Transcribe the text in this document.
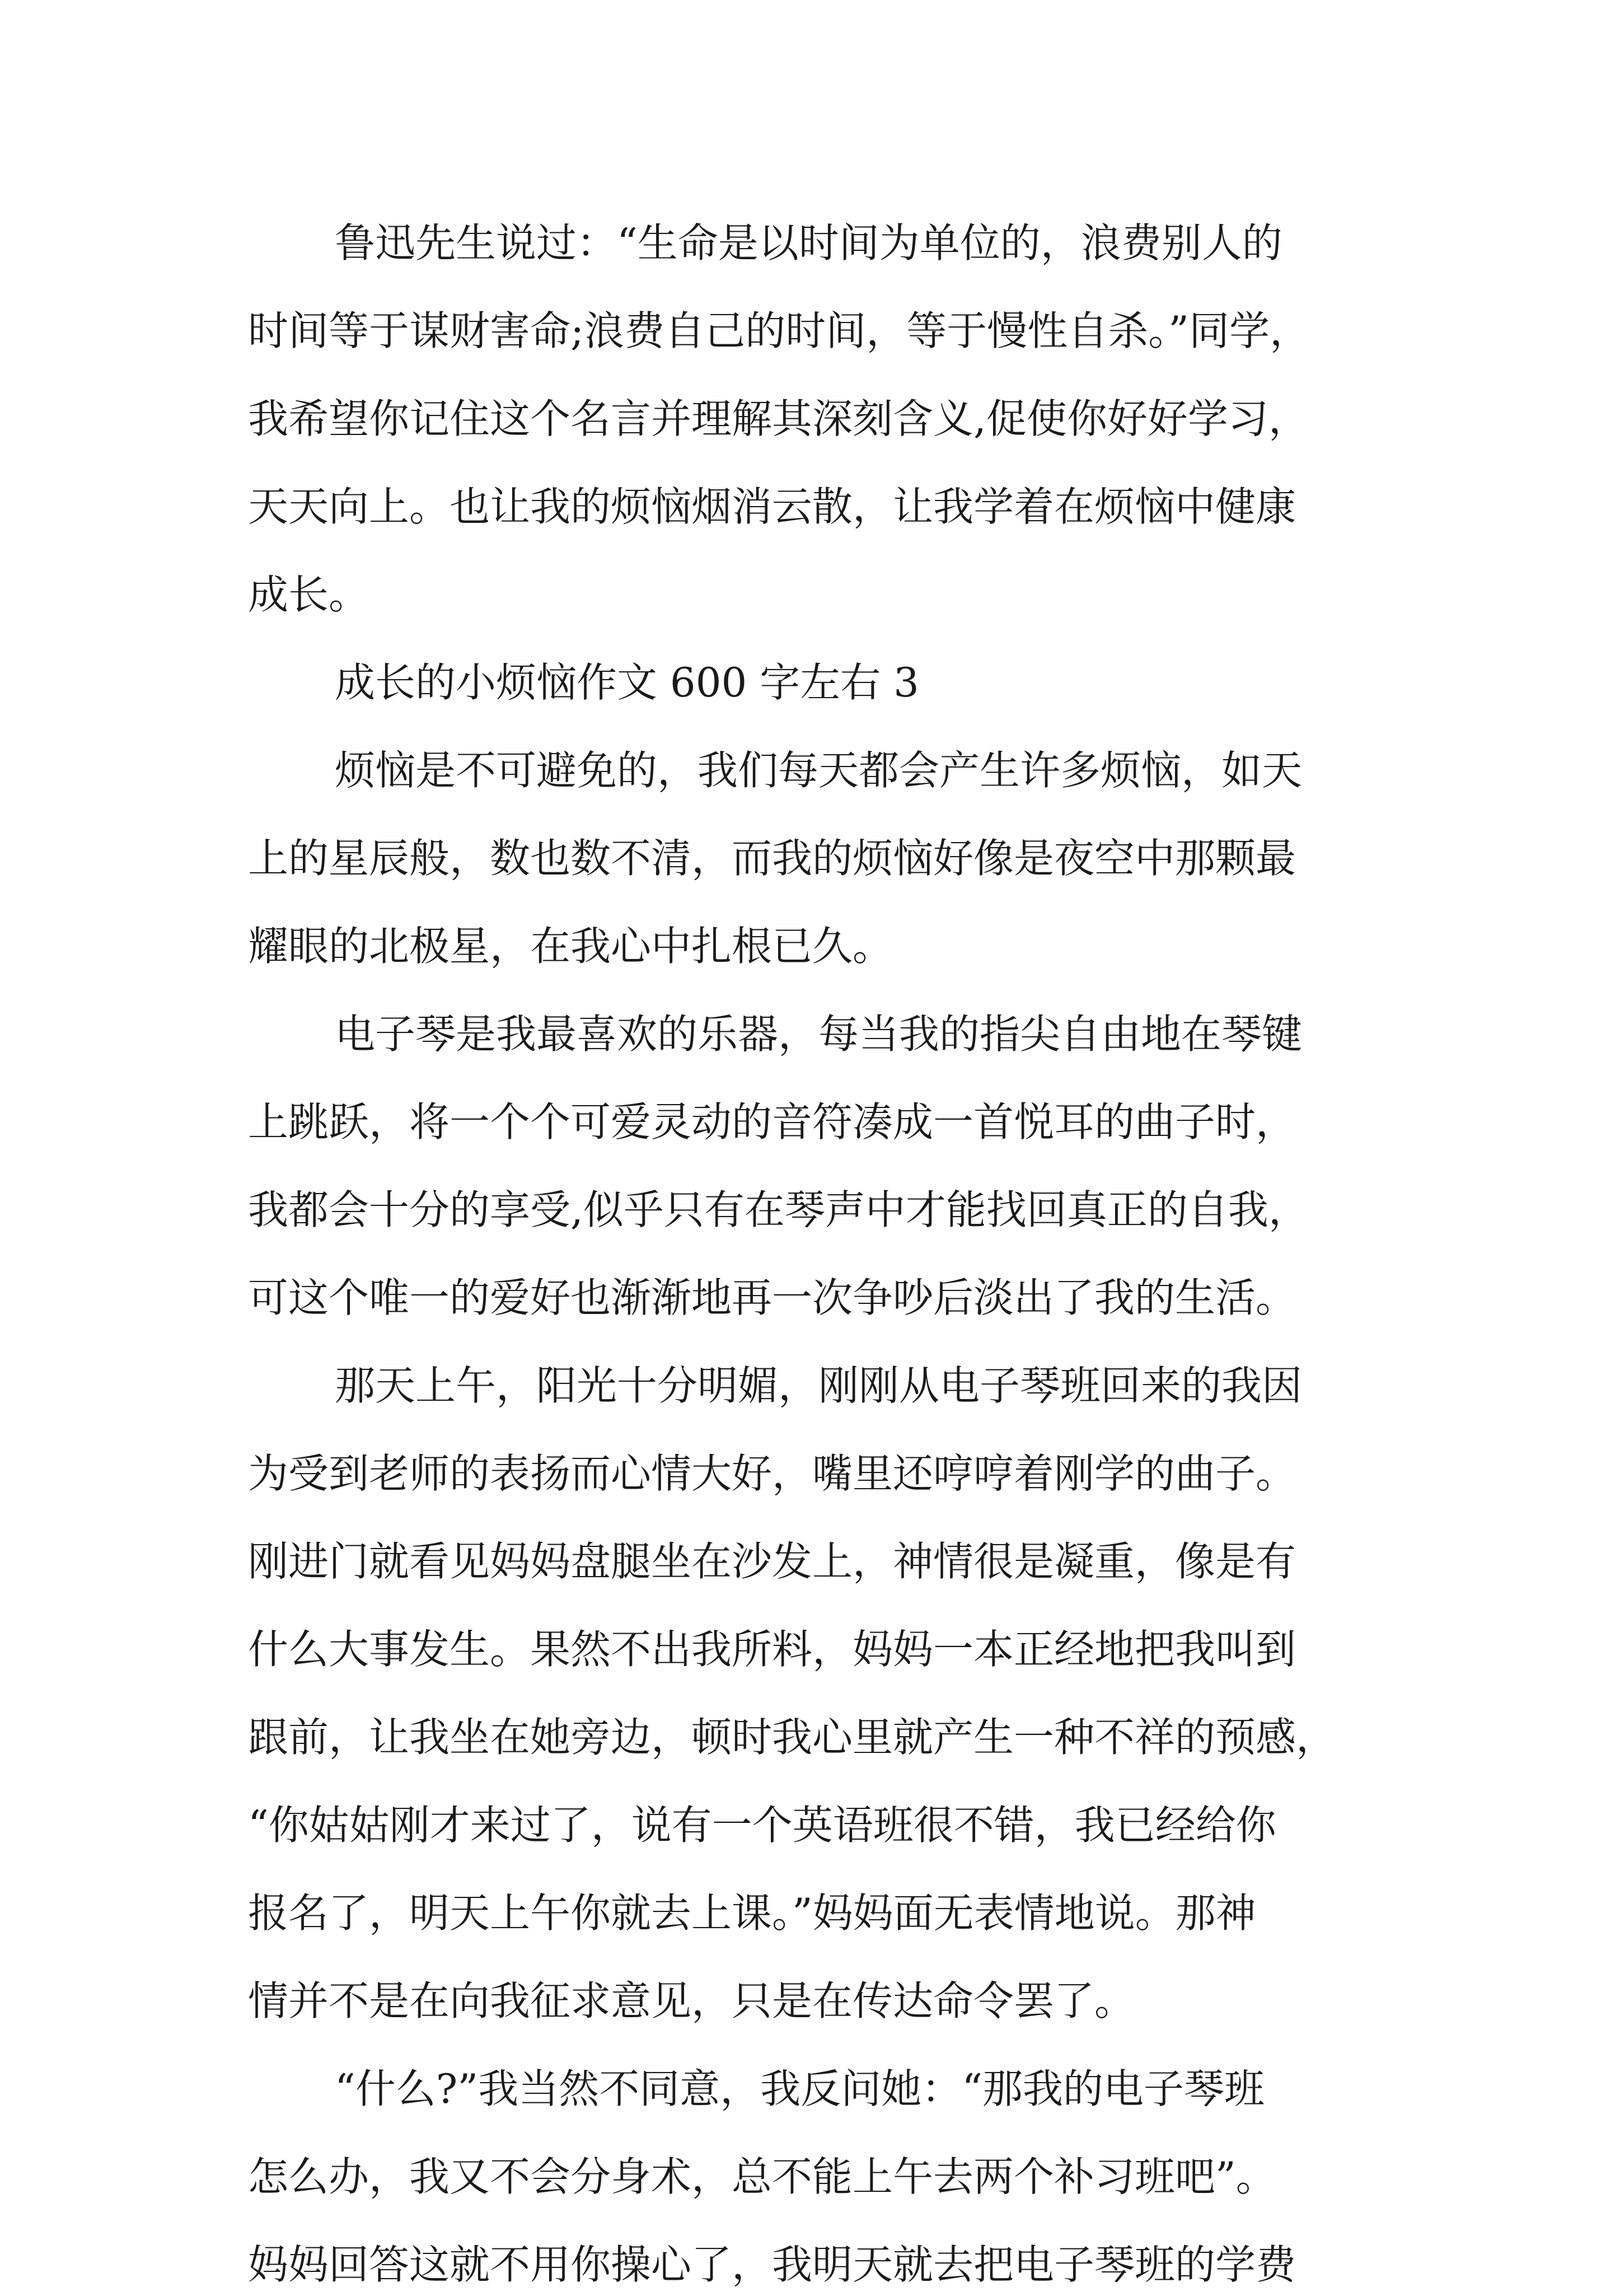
鲁迅先生说过：“生命是以时间为单位的，浪费别人的

时间等于谋财害命;浪费自己的时间，等于慢性自杀。”同学，

我希望你记住这个名言并理解其深刻含义,促使你好好学习，

天天向上。也让我的烦恼烟消云散，让我学着在烦恼中健康

成长。

成长的小烦恼作文 600 字左右 3

烦恼是不可避免的，我们每天都会产生许多烦恼，如天

上的星辰般，数也数不清，而我的烦恼好像是夜空中那颗最

耀眼的北极星，在我心中扎根已久。

电子琴是我最喜欢的乐器，每当我的指尖自由地在琴键

上跳跃，将一个个可爱灵动的音符凑成一首悦耳的曲子时，

我都会十分的享受,似乎只有在琴声中才能找回真正的自我，

可这个唯一的爱好也渐渐地再一次争吵后淡出了我的生活。

那天上午，阳光十分明媚，刚刚从电子琴班回来的我因

为受到老师的表扬而心情大好，嘴里还哼哼着刚学的曲子。

刚进门就看见妈妈盘腿坐在沙发上，神情很是凝重，像是有

什么大事发生。果然不出我所料，妈妈一本正经地把我叫到

跟前，让我坐在她旁边，顿时我心里就产生一种不祥的预感，

“你姑姑刚才来过了，说有一个英语班很不错，我已经给你

报名了，明天上午你就去上课。”妈妈面无表情地说。那神

情并不是在向我征求意见，只是在传达命令罢了。

“什么?”我当然不同意，我反问她：“那我的电子琴班

怎么办，我又不会分身术，总不能上午去两个补习班吧”。

妈妈回答这就不用你操心了，我明天就去把电子琴班的学费
